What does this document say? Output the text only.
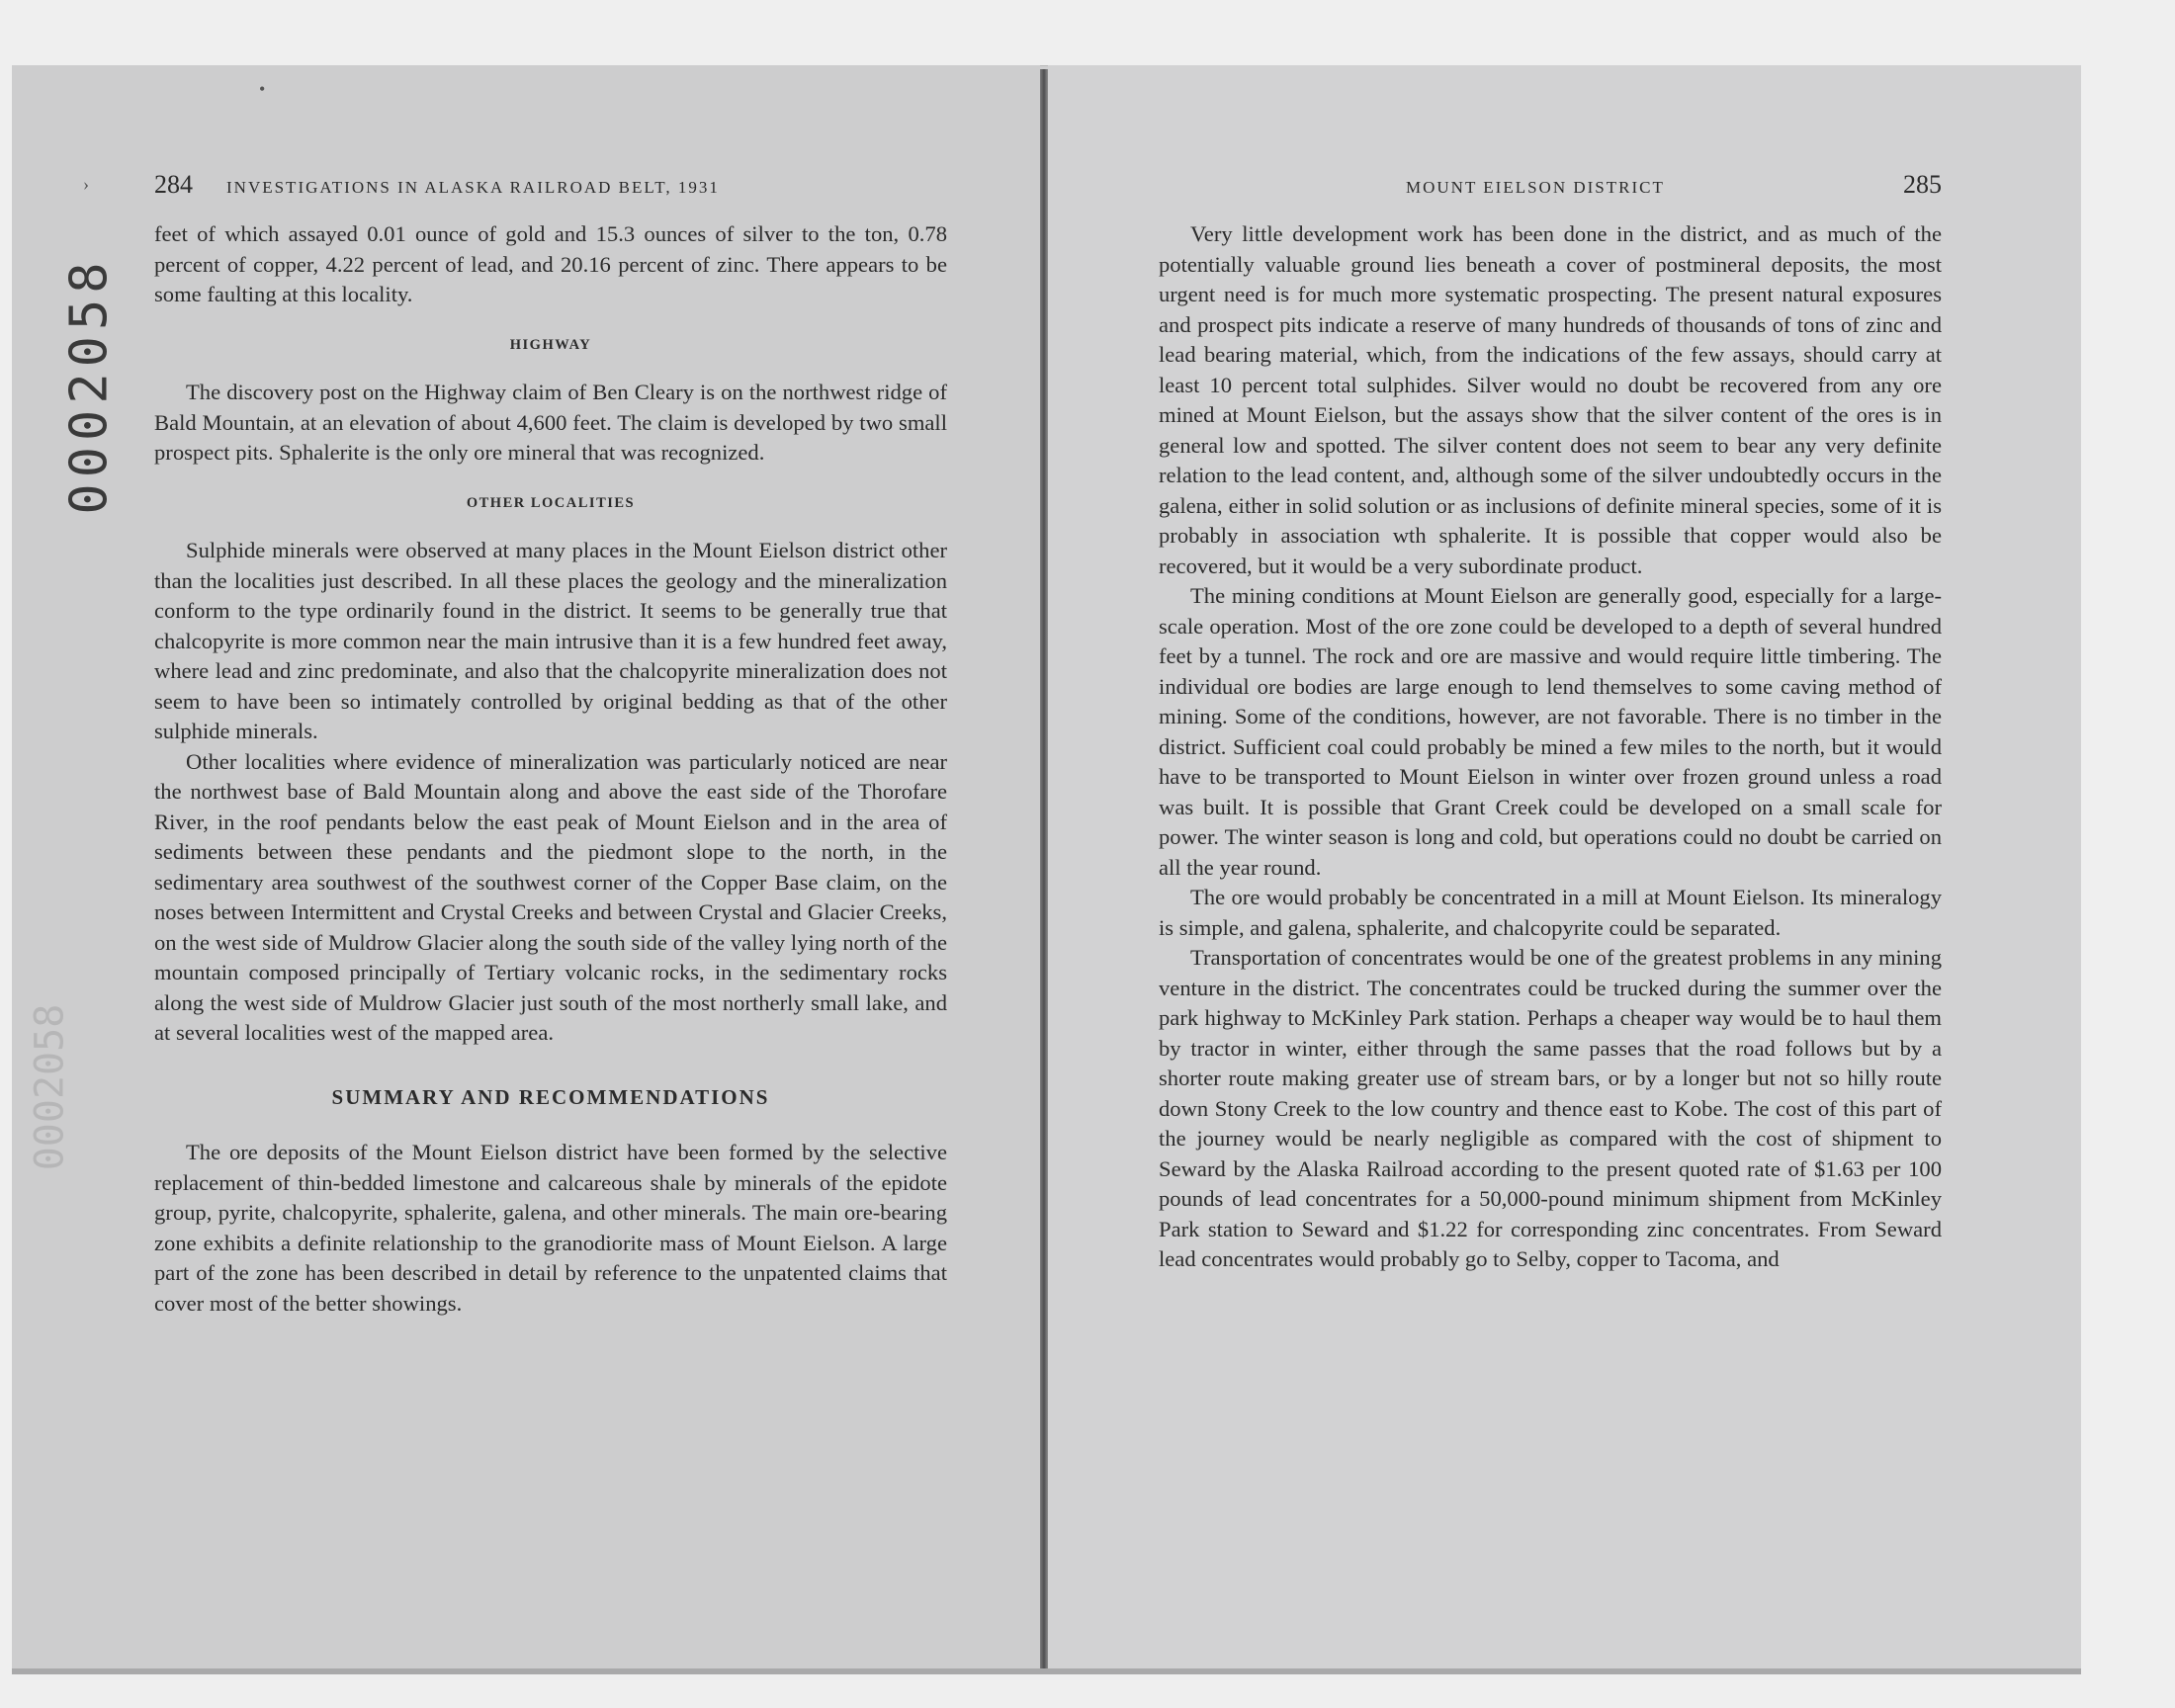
•
›
0002058
0002058
284 INVESTIGATIONS IN ALASKA RAILROAD BELT, 1931	MOUNT EIELSON DISTRICT	285

feet of which assayed 0.01 ounce of gold and 15.3 ounces of silver to the ton, 0.78 percent of copper, 4.22 percent of lead, and 20.16 percent of zinc. There appears to be some faulting at this locality.

HIGHWAY

The discovery post on the Highway claim of Ben Cleary is on the northwest ridge of Bald Mountain, at an elevation of about 4,600 feet. The claim is developed by two small prospect pits. Sphalerite is the only ore mineral that was recognized.

OTHER LOCALITIES

Sulphide minerals were observed at many places in the Mount Eielson district other than the localities just described. In all these places the geology and the mineralization conform to the type ordinarily found in the district. It seems to be generally true that chalcopyrite is more common near the main intrusive than it is a few hundred feet away, where lead and zinc predominate, and also that the chalcopyrite mineralization does not seem to have been so intimately controlled by original bedding as that of the other sulphide minerals.

Other localities where evidence of mineralization was particularly noticed are near the northwest base of Bald Mountain along and above the east side of the Thorofare River, in the roof pendants below the east peak of Mount Eielson and in the area of sediments between these pendants and the piedmont slope to the north, in the sedimentary area southwest of the southwest corner of the Copper Base claim, on the noses between Intermittent and Crystal Creeks and between Crystal and Glacier Creeks, on the west side of Muldrow Glacier along the south side of the valley lying north of the mountain composed principally of Tertiary volcanic rocks, in the sedimentary rocks along the west side of Muldrow Glacier just south of the most northerly small lake, and at several localities west of the mapped area.

SUMMARY AND RECOMMENDATIONS

The ore deposits of the Mount Eielson district have been formed by the selective replacement of thin-bedded limestone and calcareous shale by minerals of the epidote group, pyrite, chalcopyrite, sphalerite, galena, and other minerals. The main ore-bearing zone exhibits a definite relationship to the granodiorite mass of Mount Eielson. A large part of the zone has been described in detail by reference to the unpatented claims that cover most of the better showings.

Very little development work has been done in the district, and as much of the potentially valuable ground lies beneath a cover of postmineral deposits, the most urgent need is for much more systematic prospecting. The present natural exposures and prospect pits indicate a reserve of many hundreds of thousands of tons of zinc and lead bearing material, which, from the indications of the few assays, should carry at least 10 percent total sulphides. Silver would no doubt be recovered from any ore mined at Mount Eielson, but the assays show that the silver content of the ores is in general low and spotted. The silver content does not seem to bear any very definite relation to the lead content, and, although some of the silver undoubtedly occurs in the galena, either in solid solution or as inclusions of definite mineral species, some of it is probably in association wth sphalerite. It is possible that copper would also be recovered, but it would be a very subordinate product.

The mining conditions at Mount Eielson are generally good, especially for a large-scale operation. Most of the ore zone could be developed to a depth of several hundred feet by a tunnel. The rock and ore are massive and would require little timbering. The individual ore bodies are large enough to lend themselves to some caving method of mining. Some of the conditions, however, are not favorable. There is no timber in the district. Sufficient coal could probably be mined a few miles to the north, but it would have to be transported to Mount Eielson in winter over frozen ground unless a road was built. It is possible that Grant Creek could be developed on a small scale for power. The winter season is long and cold, but operations could no doubt be carried on all the year round.

The ore would probably be concentrated in a mill at Mount Eielson. Its mineralogy is simple, and galena, sphalerite, and chalcopyrite could be separated.

Transportation of concentrates would be one of the greatest problems in any mining venture in the district. The concentrates could be trucked during the summer over the park highway to McKinley Park station. Perhaps a cheaper way would be to haul them by tractor in winter, either through the same passes that the road follows but by a shorter route making greater use of stream bars, or by a longer but not so hilly route down Stony Creek to the low country and thence east to Kobe. The cost of this part of the journey would be nearly negligible as compared with the cost of shipment to Seward by the Alaska Railroad according to the present quoted rate of $1.63 per 100 pounds of lead concentrates for a 50,000-pound minimum shipment from McKinley Park station to Seward and $1.22 for corresponding zinc concentrates. From Seward lead concentrates would probably go to Selby, copper to Tacoma, and
